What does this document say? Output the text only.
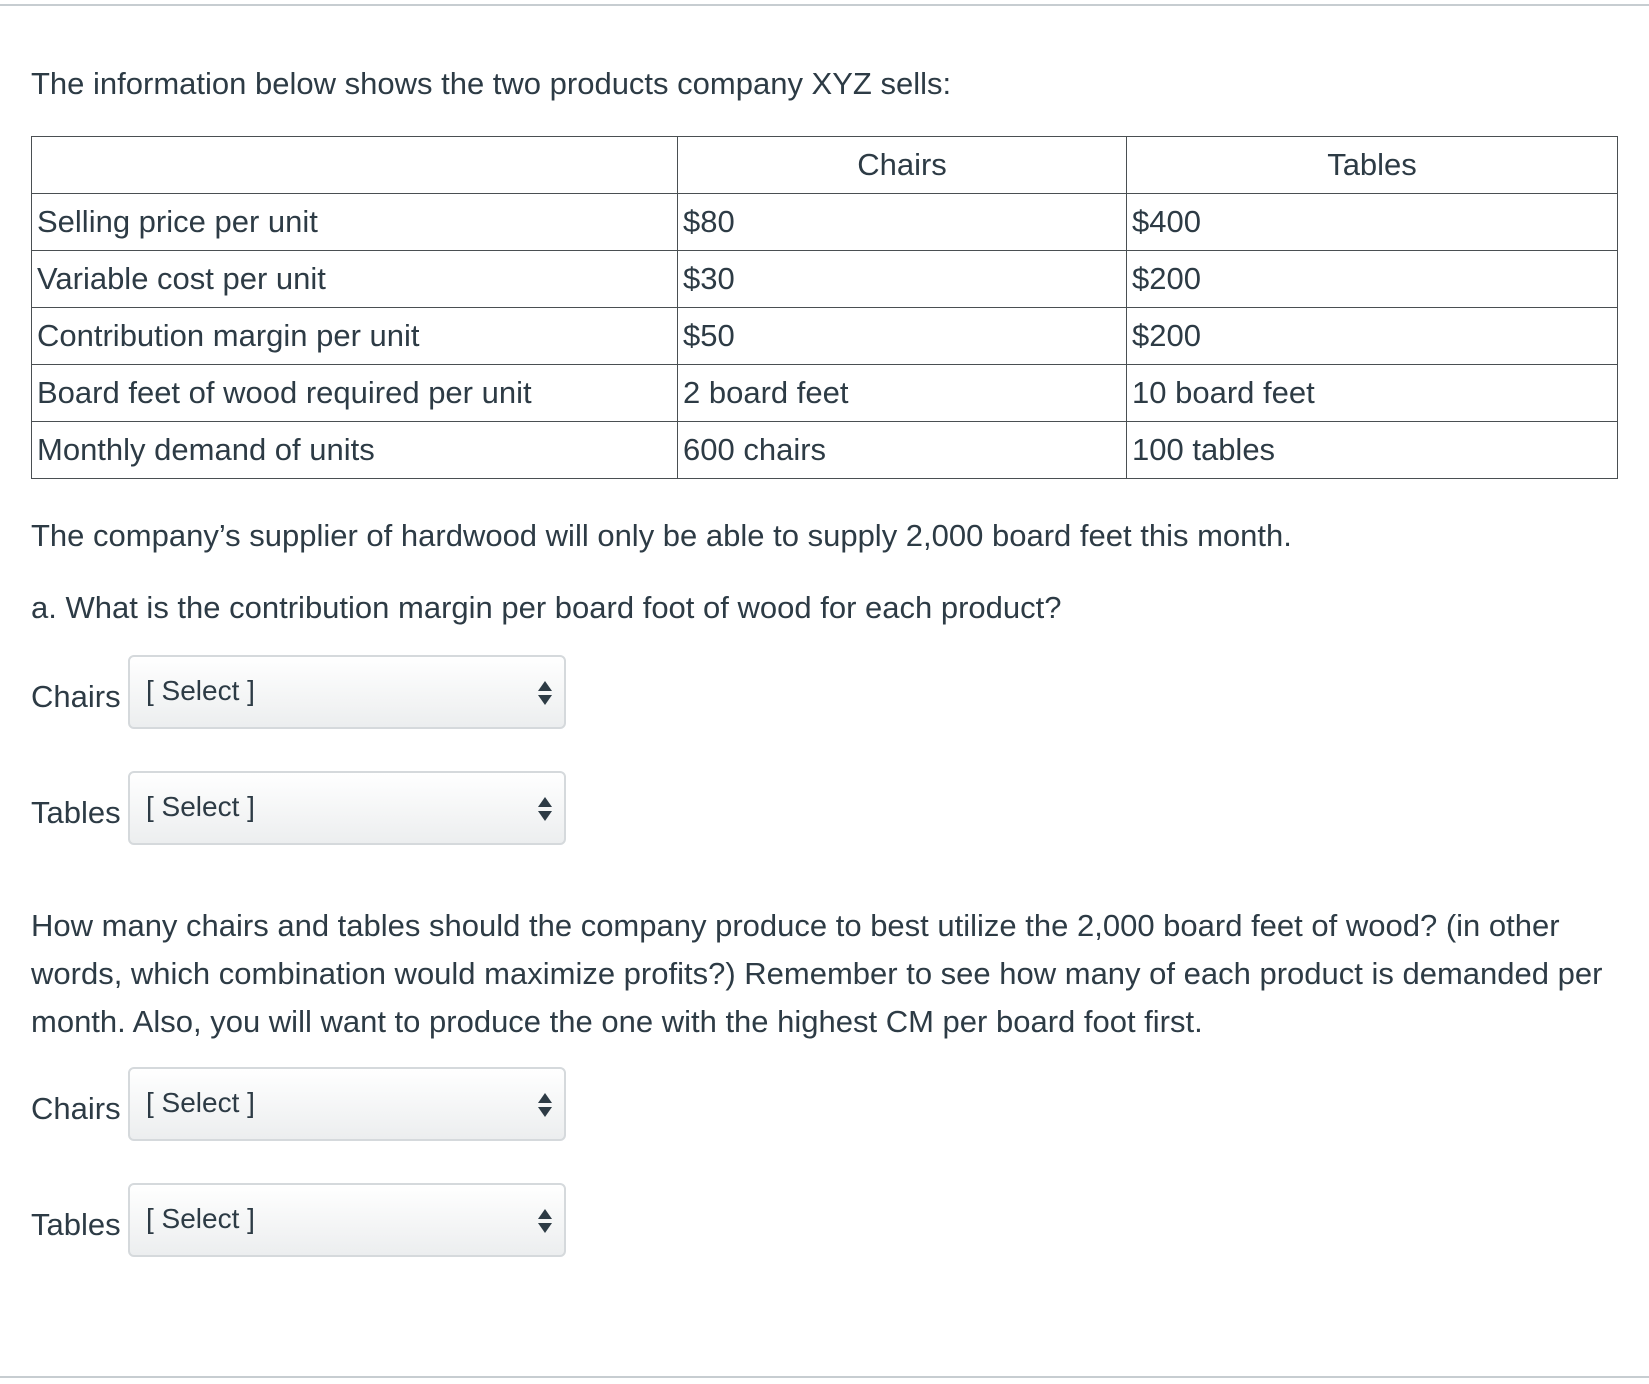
The information below shows the two products company XYZ sells:
	Chairs	Tables
Selling price per unit	$80	$400
Variable cost per unit	$30	$200
Contribution margin per unit	$50	$200
Board feet of wood required per unit	2 board feet	10 board feet
Monthly demand of units	600 chairs	100 tables
The company’s supplier of hardwood will only be able to supply 2,000 board feet this month.
a. What is the contribution margin per board foot of wood for each product?
Chairs [ Select ]
Tables [ Select ]
How many chairs and tables should the company produce to best utilize the 2,000 board feet of wood? (in other words, which combination would maximize profits?) Remember to see how many of each product is demanded per month. Also, you will want to produce the one with the highest CM per board foot first.
Chairs [ Select ]
Tables [ Select ]
